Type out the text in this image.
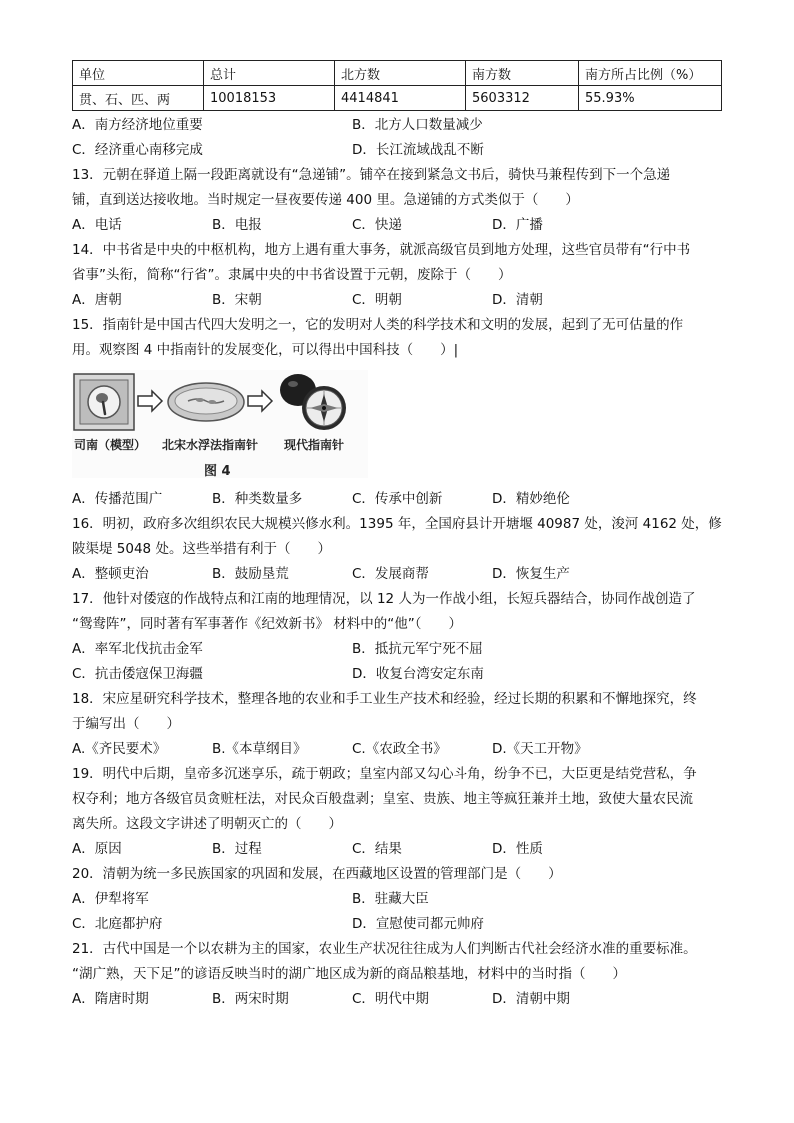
单位	总计	北方数	南方数	南方所占比例（%）
贯、石、匹、两	10018153	4414841	5603312	55.93%
A．南方经济地位重要	B．北方人口数量减少
C．经济重心南移完成	D．长江流域战乱不断
13．元朝在驿道上隔一段距离就设有“急递铺”。铺卒在接到紧急文书后，骑快马兼程传到下一个急递
铺，直到送达接收地。当时规定一昼夜要传递 400 里。急递铺的方式类似于（　　）
A．电话	B．电报	C．快递	D．广播
14．中书省是中央的中枢机构，地方上遇有重大事务，就派高级官员到地方处理，这些官员带有“行中书
省事”头衔，简称“行省”。隶属中央的中书省设置于元朝，废除于（　　）
A．唐朝	B．宋朝	C．明朝	D．清朝
15．指南针是中国古代四大发明之一，它的发明对人类的科学技术和文明的发展，起到了无可估量的作
用。观察图 4 中指南针的发展变化，可以得出中国科技（　　）|
司南（模型） 北宋水浮法指南针 现代指南针
图 4
A．传播范围广	B．种类数量多	C．传承中创新	D．精妙绝伦
16．明初，政府多次组织农民大规模兴修水利。1395 年，全国府县计开塘堰 40987 处，浚河 4162 处，修
陂渠堤 5048 处。这些举措有利于（　　）
A．整顿吏治	B．鼓励垦荒	C．发展商帮	D．恢复生产
17．他针对倭寇的作战特点和江南的地理情况，以 12 人为一作战小组，长短兵器结合，协同作战创造了
“鸳鸯阵”，同时著有军事著作《纪效新书》 材料中的“他”（　　）
A．率军北伐抗击金军	B．抵抗元军宁死不屈
C．抗击倭寇保卫海疆	D．收复台湾安定东南
18．宋应星研究科学技术，整理各地的农业和手工业生产技术和经验，经过长期的积累和不懈地探究，终
于编写出（　　）
A.《齐民要术》	B.《本草纲目》	C.《农政全书》	D.《天工开物》
19．明代中后期，皇帝多沉迷享乐，疏于朝政；皇室内部又勾心斗角，纷争不已，大臣更是结党营私，争
权夺利；地方各级官员贪赃枉法，对民众百般盘剥；皇室、贵族、地主等疯狂兼并土地，致使大量农民流
离失所。这段文字讲述了明朝灭亡的（　　）
A．原因	B．过程	C．结果	D．性质
20．清朝为统一多民族国家的巩固和发展，在西藏地区设置的管理部门是（　　）
A．伊犁将军	B．驻藏大臣
C．北庭都护府	D．宣慰使司都元帅府
21．古代中国是一个以农耕为主的国家，农业生产状况往往成为人们判断古代社会经济水准的重要标准。
“湖广熟，天下足”的谚语反映当时的湖广地区成为新的商品粮基地，材料中的当时指（　　）
A．隋唐时期	B．两宋时期	C．明代中期	D．清朝中期
